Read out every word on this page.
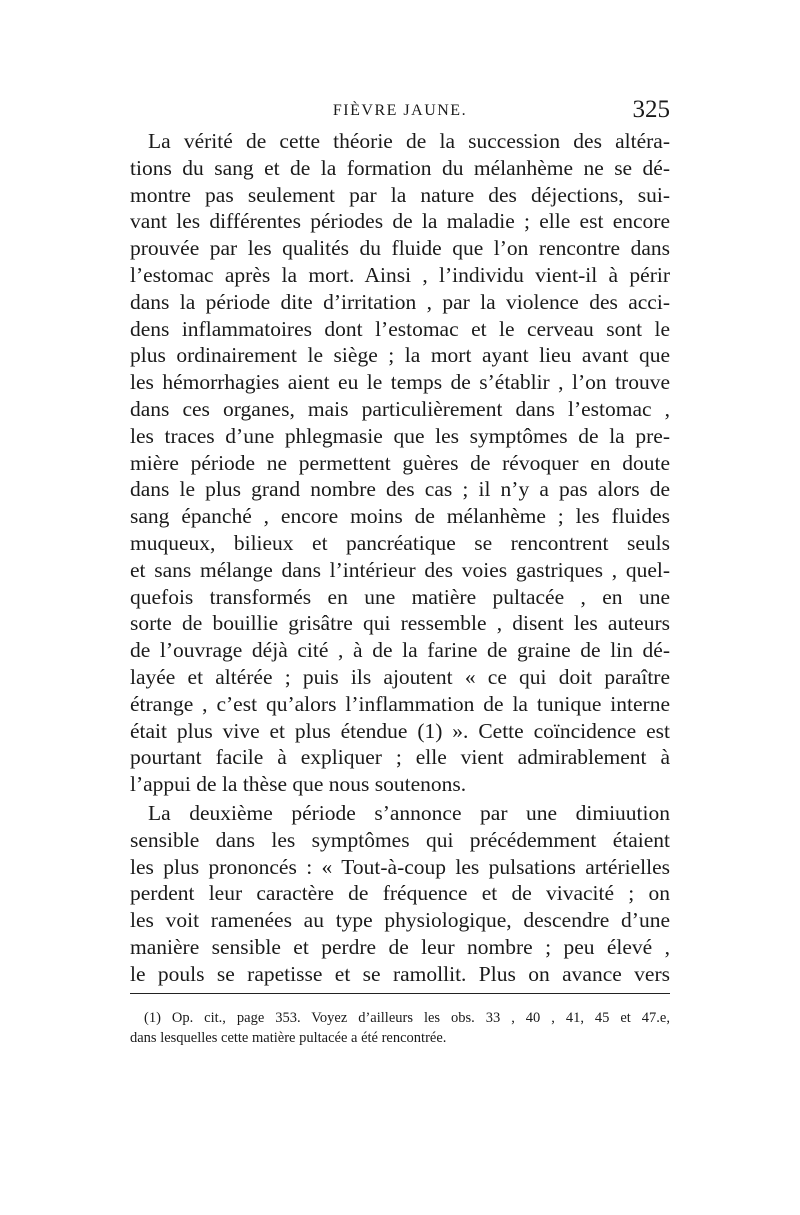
FIÈVRE JAUNE.	325
La vérité de cette théorie de la succession des altéra-
tions du sang et de la formation du mélanhème ne se dé-
montre pas seulement par la nature des déjections, sui-
vant les différentes périodes de la maladie ; elle est encore
prouvée par les qualités du fluide que l’on rencontre dans
l’estomac après la mort. Ainsi , l’individu vient-il à périr
dans la période dite d’irritation , par la violence des acci-
dens inflammatoires dont l’estomac et le cerveau sont le
plus ordinairement le siège ; la mort ayant lieu avant que
les hémorrhagies aient eu le temps de s’établir , l’on trouve
dans ces organes, mais particulièrement dans l’estomac ,
les traces d’une phlegmasie que les symptômes de la pre-
mière période ne permettent guères de révoquer en doute
dans le plus grand nombre des cas ; il n’y a pas alors de
sang épanché , encore moins de mélanhème ; les fluides
muqueux, bilieux et pancréatique se rencontrent seuls
et sans mélange dans l’intérieur des voies gastriques , quel-
quefois transformés en une matière pultacée , en une
sorte de bouillie grisâtre qui ressemble , disent les auteurs
de l’ouvrage déjà cité , à de la farine de graine de lin dé-
layée et altérée ; puis ils ajoutent « ce qui doit paraître
étrange , c’est qu’alors l’inflammation de la tunique interne
était plus vive et plus étendue (1) ». Cette coïncidence est
pourtant facile à expliquer ; elle vient admirablement à
l’appui de la thèse que nous soutenons.
La deuxième période s’annonce par une dimiuution
sensible dans les symptômes qui précédemment étaient
les plus prononcés : « Tout-à-coup les pulsations artérielles
perdent leur caractère de fréquence et de vivacité ; on
les voit ramenées au type physiologique, descendre d’une
manière sensible et perdre de leur nombre ; peu élevé ,
le pouls se rapetisse et se ramollit. Plus on avance vers
(1) Op. cit., page 353. Voyez d’ailleurs les obs. 33 , 40 , 41, 45 et 47.e,
dans lesquelles cette matière pultacée a été rencontrée.
